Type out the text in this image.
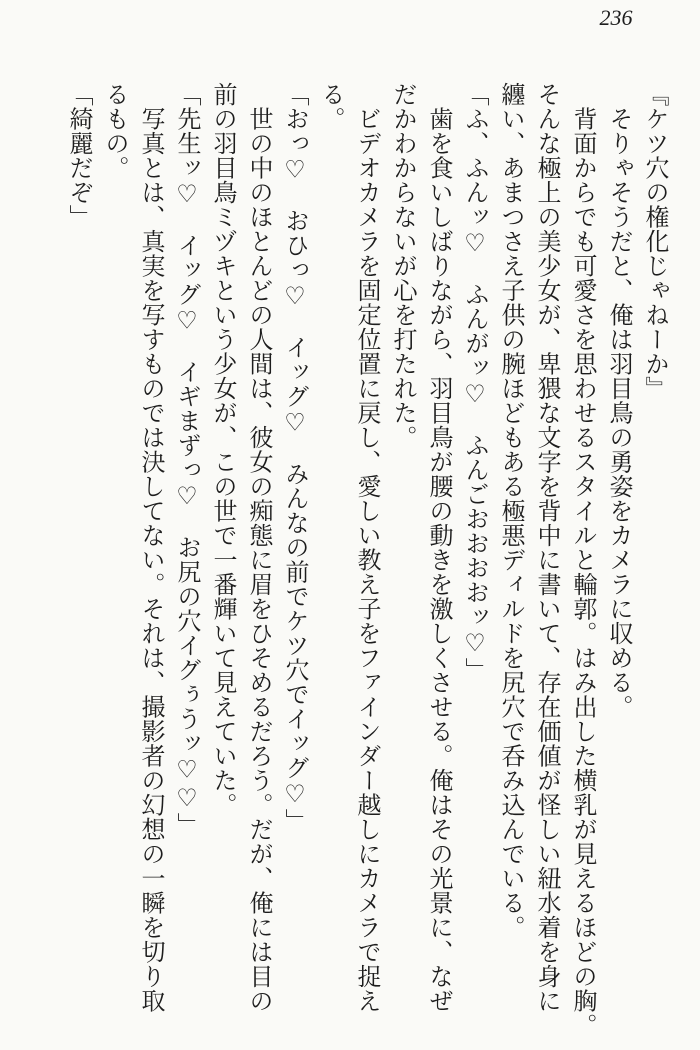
236
『ケツ穴の権化じゃねーか』
　そりゃそうだと、俺は羽目鳥の勇姿をカメラに収める。
　背面からでも可愛さを思わせるスタイルと輪郭。はみ出した横乳が見えるほどの胸。
そんな極上の美少女が、卑猥な文字を背中に書いて、存在価値が怪しい紐水着を身に
纏い、あまつさえ子供の腕ほどもある極悪ディルドを尻穴で呑み込んでいる。
「ふ、ふんッ♡　ふんがッ♡　ふんごおおおおッ♡」
　歯を食いしばりながら、羽目鳥が腰の動きを激しくさせる。俺はその光景に、なぜ
だかわからないが心を打たれた。
　ビデオカメラを固定位置に戻し、愛しい教え子をファインダー越しにカメラで捉え
る。
「おっ♡　おひっ♡　イッグ♡　みんなの前でケツ穴でイッグ♡」
　世の中のほとんどの人間は、彼女の痴態に眉をひそめるだろう。だが、俺には目の
前の羽目鳥ミヅキという少女が、この世で一番輝いて見えていた。
「先生ッ♡　イッグ♡　イギまずっ♡　お尻の穴イグぅうッ♡♡」
　写真とは、真実を写すものでは決してない。それは、撮影者の幻想の一瞬を切り取
るもの。
「綺麗だぞ」
